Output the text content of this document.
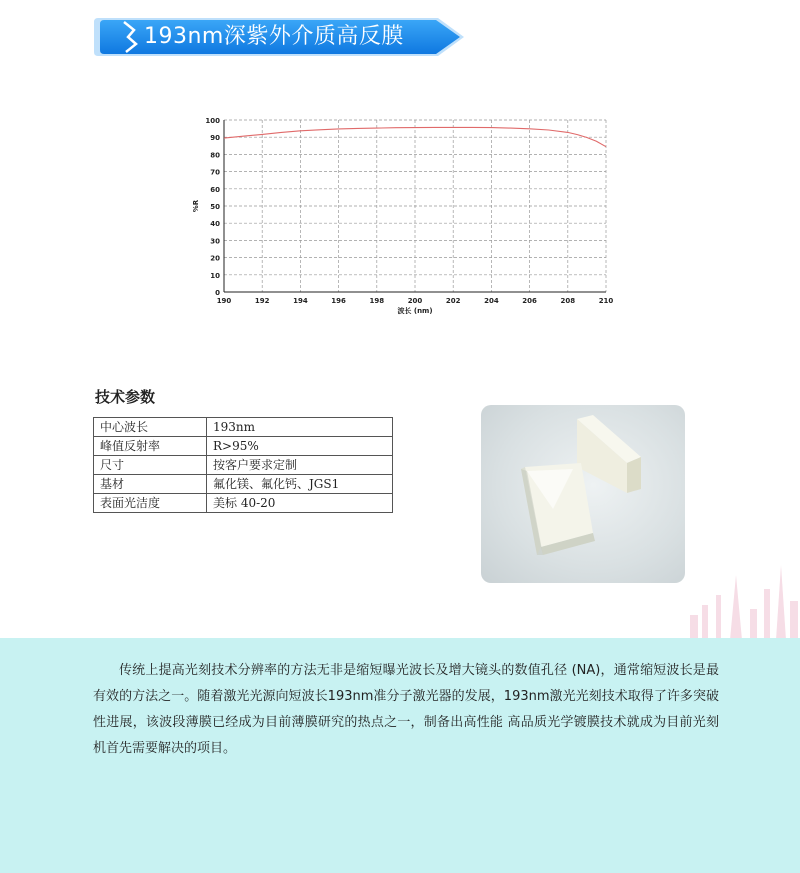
193nm深紫外介质高反膜
0
10
20
30
40
50
60
70
80
90
100
190	192	194	196	198	200	202	204	206	208	210
波长 (nm)
%R
技术参数
中心波长	193nm
峰值反射率	R>95%
尺寸	按客户要求定制
基材	氟化镁、氟化钙、JGS1
表面光洁度	美标 40-20

传统上提高光刻技术分辨率的方法无非是缩短曝光波长及增大镜头的数值孔径 (NA)，通常缩短波长是最有效的方法之一。随着激光光源向短波长193nm准分子激光器的发展，193nm激光光刻技术取得了许多突破性进展，该波段薄膜已经成为目前薄膜研究的热点之一，制备出高性能 高品质光学镀膜技术就成为目前光刻机首先需要解决的项目。
